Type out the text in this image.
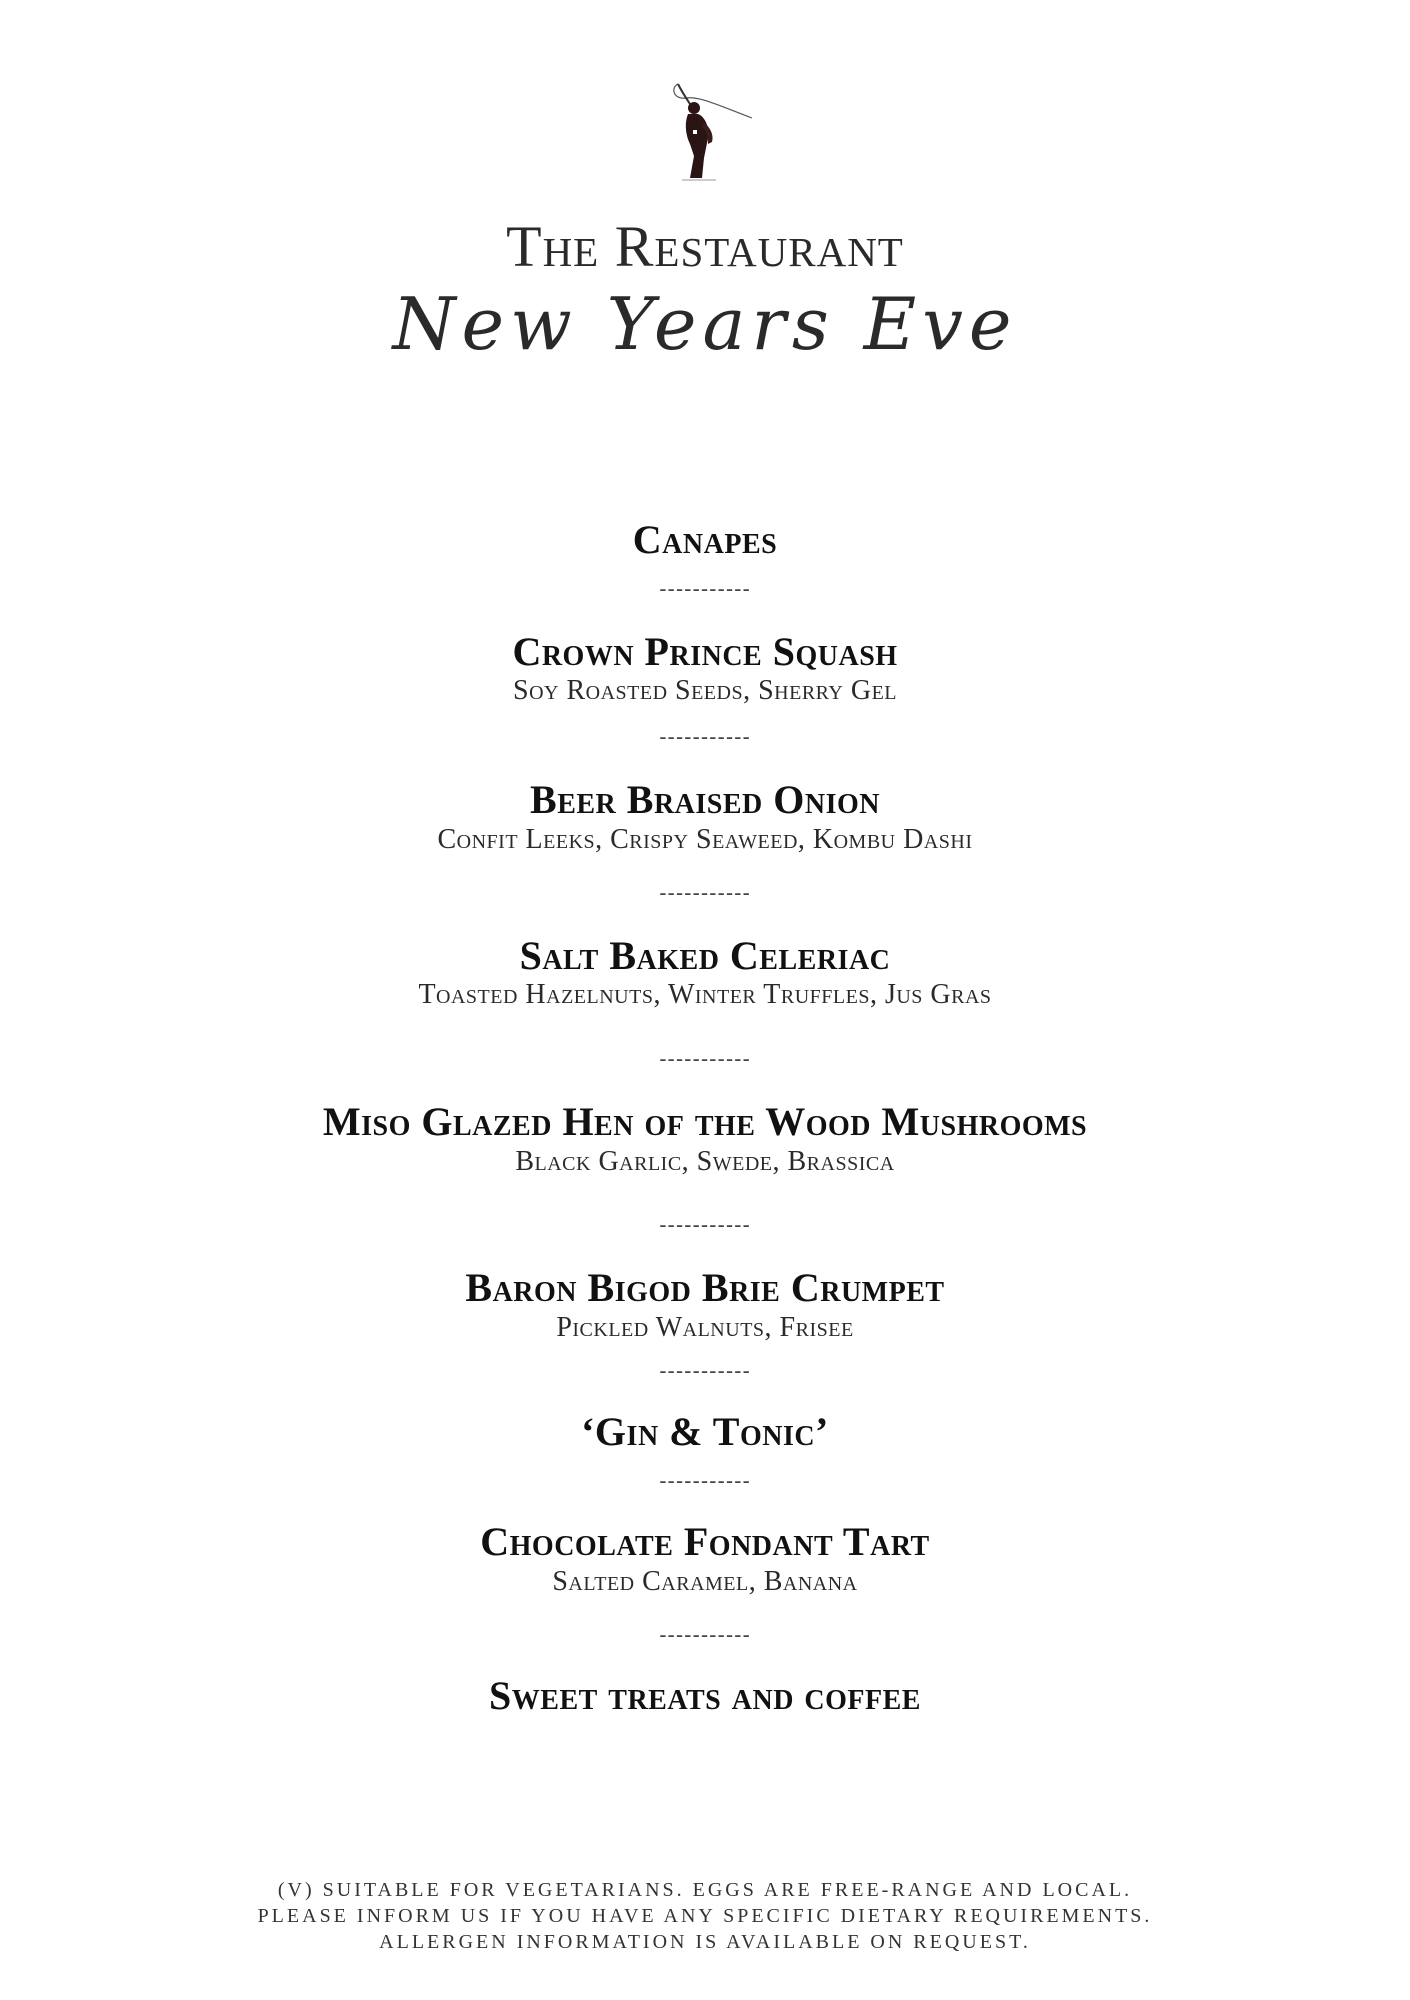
The Restaurant
New Years Eve
Canapes
-----------
Crown Prince Squash
Soy Roasted Seeds, Sherry Gel
-----------
Beer Braised Onion
Confit Leeks, Crispy Seaweed, Kombu Dashi
-----------
Salt Baked Celeriac
Toasted Hazelnuts, Winter Truffles, Jus Gras
-----------
Miso Glazed Hen of the Wood Mushrooms
Black Garlic, Swede, Brassica
-----------
Baron Bigod Brie Crumpet
Pickled Walnuts, Frisee
-----------
‘Gin & Tonic’
-----------
Chocolate Fondant Tart
Salted Caramel, Banana
-----------
Sweet treats and coffee
(V) SUITABLE FOR VEGETARIANS. EGGS ARE FREE-RANGE AND LOCAL.
PLEASE INFORM US IF YOU HAVE ANY SPECIFIC DIETARY REQUIREMENTS.
ALLERGEN INFORMATION IS AVAILABLE ON REQUEST.
